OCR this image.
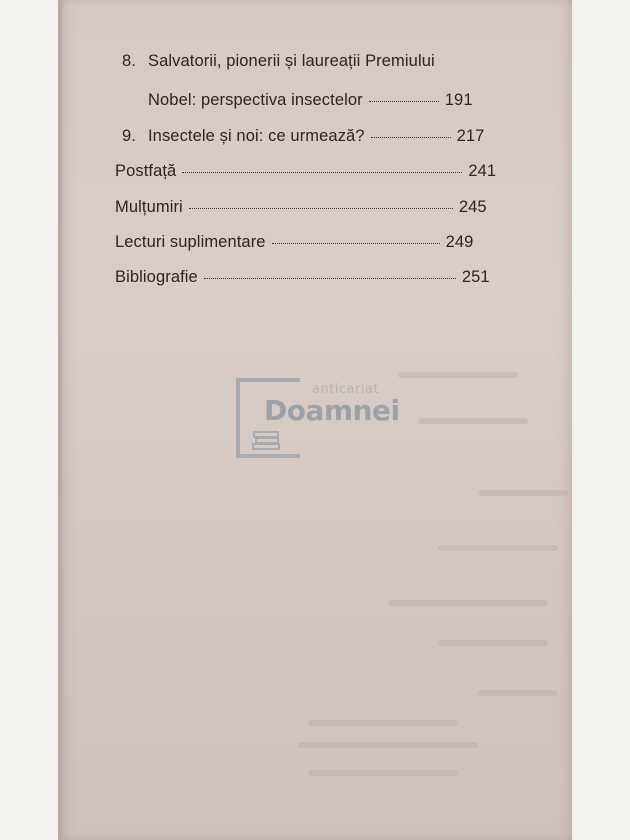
8. Salvatorii, pionerii și laureații Premiului
Nobel: perspectiva insectelor	191
9. Insectele și noi: ce urmează?	217
Postfață	241
Mulțumiri	245
Lecturi suplimentare	249
Bibliografie	251
anticariat
Doamnei
